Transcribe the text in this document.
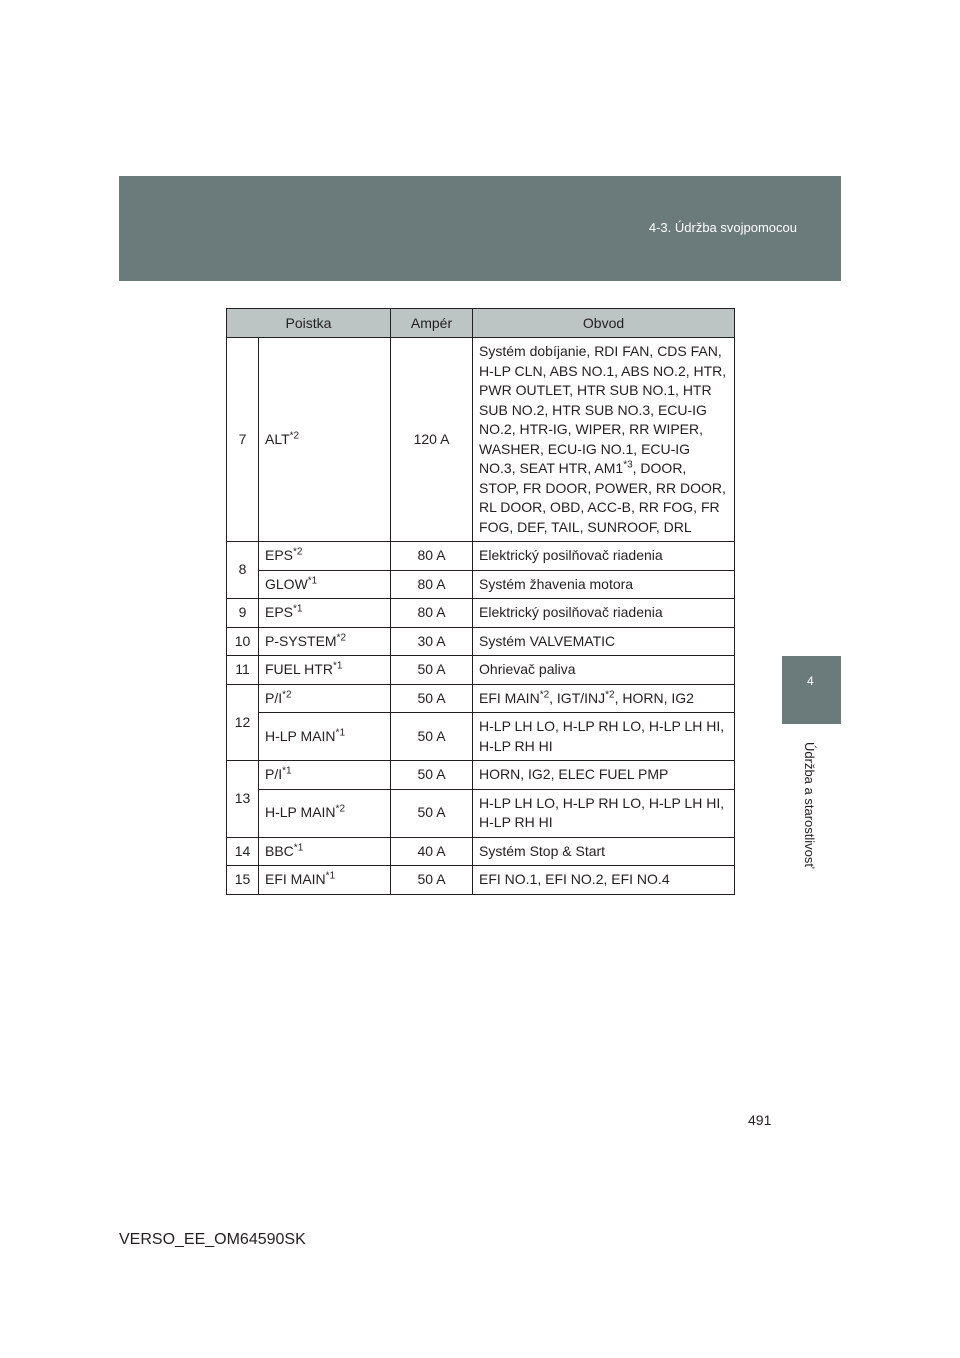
4-3. Údržba svojpomocou
4
Údržba a starostlivosť
Poistka		Ampér	Obvod
7	ALT$^{*2}$	120 A	Systém dobíjanie, RDI FAN, CDS FAN, H-LP CLN, ABS NO.1, ABS NO.2, HTR, PWR OUTLET, HTR SUB NO.1, HTR SUB NO.2, HTR SUB NO.3, ECU-IG NO.2, HTR-IG, WIPER, RR WIPER, WASHER, ECU-IG NO.1, ECU-IG NO.3, SEAT HTR, AM1$^{*3}$, DOOR, STOP, FR DOOR, POWER, RR DOOR, RL DOOR, OBD, ACC-B, RR FOG, FR FOG, DEF, TAIL, SUNROOF, DRL
8	EPS$^{*2}$	80 A	Elektrický posilňovač riadenia
	GLOW$^{*1}$	80 A	Systém žhavenia motora
9	EPS$^{*1}$	80 A	Elektrický posilňovač riadenia
10	P-SYSTEM$^{*2}$	30 A	Systém VALVEMATIC
11	FUEL HTR$^{*1}$	50 A	Ohrievač paliva
12	$P/I^{*2}$	50 A	EFI MAIN$^{*2}$, IGT/INJ$^{*2}$, HORN, IG2
	H-LP MAIN$^{*1}$	50 A	H-LP LH LO, H-LP RH LO, H-LP LH HI, H-LP RH HI
13	$P/I^{*1}$	50 A	HORN, IG2, ELEC FUEL PMP
	H-LP MAIN$^{*2}$	50 A	H-LP LH LO, H-LP RH LO, H-LP LH HI, H-LP RH HI
14	BBC$^{*1}$	40 A	Systém Stop & Start
15	EFI MAIN$^{*1}$	50 A	EFI NO.1, EFI NO.2, EFI NO.4
491
VERSO_EE_OM64590SK
